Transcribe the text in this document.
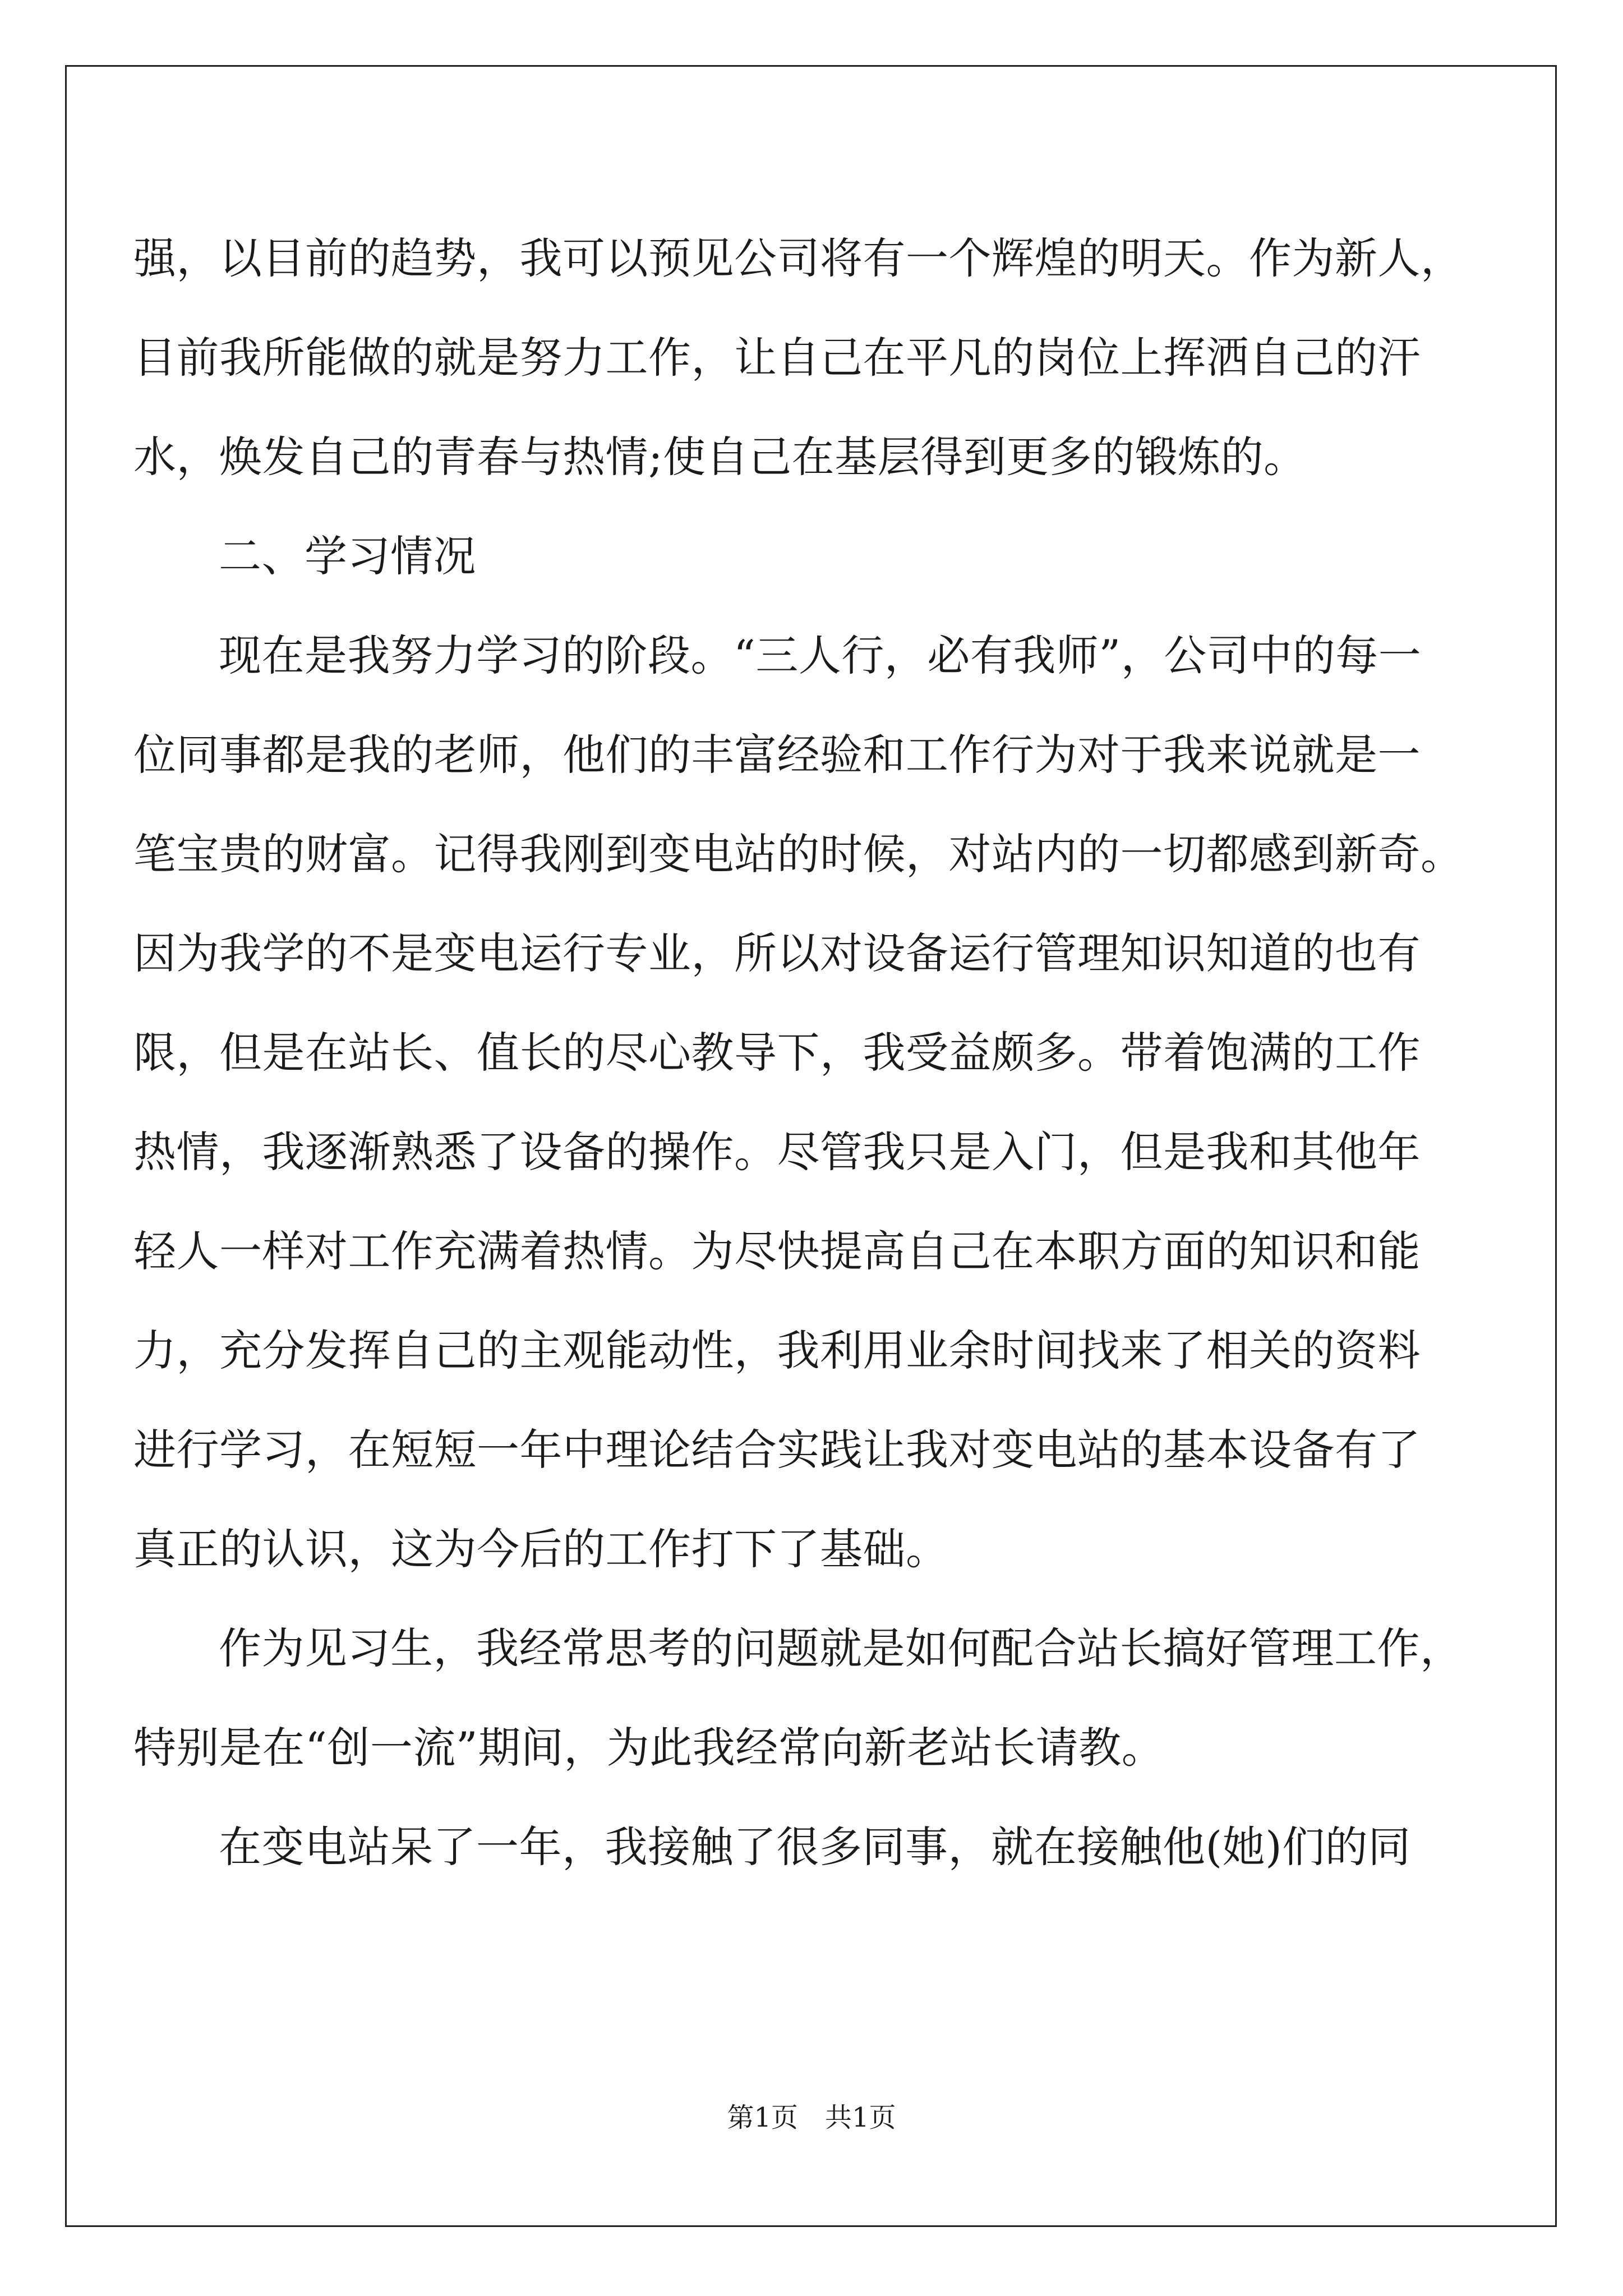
强，以目前的趋势，我可以预见公司将有一个辉煌的明天。作为新人，
目前我所能做的就是努力工作，让自己在平凡的岗位上挥洒自己的汗
水，焕发自己的青春与热情;使自己在基层得到更多的锻炼的。

二、学习情况

现在是我努力学习的阶段。“三人行，必有我师”，公司中的每一
位同事都是我的老师，他们的丰富经验和工作行为对于我来说就是一
笔宝贵的财富。记得我刚到变电站的时候，对站内的一切都感到新奇。
因为我学的不是变电运行专业，所以对设备运行管理知识知道的也有
限，但是在站长、值长的尽心教导下，我受益颇多。带着饱满的工作
热情，我逐渐熟悉了设备的操作。尽管我只是入门，但是我和其他年
轻人一样对工作充满着热情。为尽快提高自己在本职方面的知识和能
力，充分发挥自己的主观能动性，我利用业余时间找来了相关的资料
进行学习，在短短一年中理论结合实践让我对变电站的基本设备有了
真正的认识，这为今后的工作打下了基础。

作为见习生，我经常思考的问题就是如何配合站长搞好管理工作，
特别是在“创一流”期间，为此我经常向新老站长请教。

在变电站呆了一年，我接触了很多同事，就在接触他(她)们的同

第1页 共1页
